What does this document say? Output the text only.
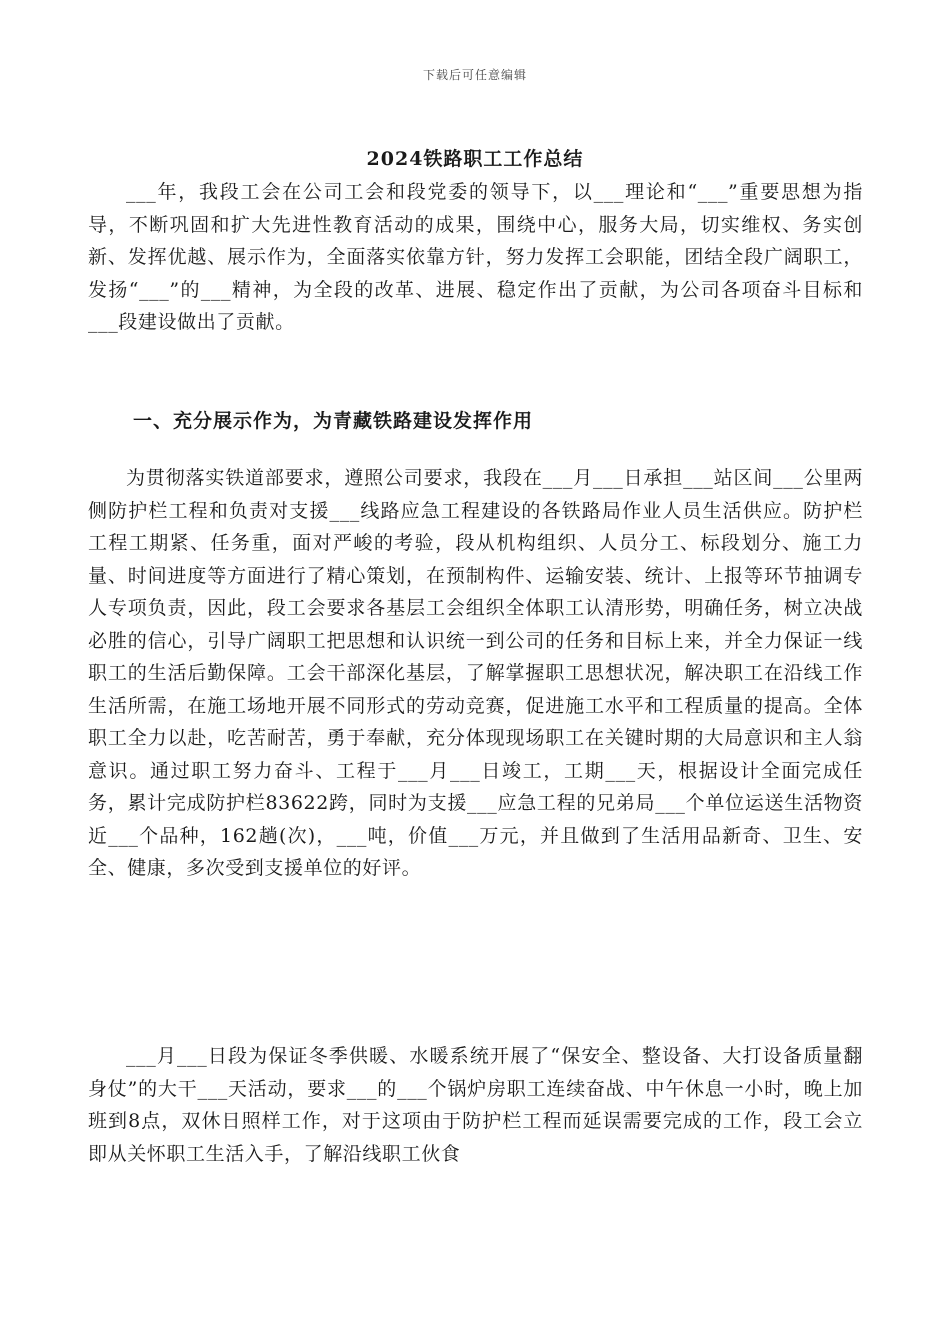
下载后可任意编辑
2024铁路职工工作总结

___年，我段工会在公司工会和段党委的领导下，以___理论和“___”重要思想为指导，不断巩固和扩大先进性教育活动的成果，围绕中心，服务大局，切实维权、务实创新、发挥优越、展示作为，全面落实依靠方针，努力发挥工会职能，团结全段广阔职工，发扬“___”的___精神，为全段的改革、进展、稳定作出了贡献，为公司各项奋斗目标和___段建设做出了贡献。

一、充分展示作为，为青藏铁路建设发挥作用

为贯彻落实铁道部要求，遵照公司要求，我段在___月___日承担___站区间___公里两侧防护栏工程和负责对支援___线路应急工程建设的各铁路局作业人员生活供应。防护栏工程工期紧、任务重，面对严峻的考验，段从机构组织、人员分工、标段划分、施工力量、时间进度等方面进行了精心策划，在预制构件、运输安装、统计、上报等环节抽调专人专项负责，因此，段工会要求各基层工会组织全体职工认清形势，明确任务，树立决战必胜的信心，引导广阔职工把思想和认识统一到公司的任务和目标上来，并全力保证一线职工的生活后勤保障。工会干部深化基层，了解掌握职工思想状况，解决职工在沿线工作生活所需，在施工场地开展不同形式的劳动竞赛，促进施工水平和工程质量的提高。全体职工全力以赴，吃苦耐苦，勇于奉献，充分体现现场职工在关键时期的大局意识和主人翁意识。通过职工努力奋斗、工程于___月___日竣工，工期___天，根据设计全面完成任务，累计完成防护栏83622跨，同时为支援___应急工程的兄弟局___个单位运送生活物资近___个品种，162趟(次)，___吨，价值___万元，并且做到了生活用品新奇、卫生、安全、健康，多次受到支援单位的好评。

___月___日段为保证冬季供暖、水暖系统开展了“保安全、整设备、大打设备质量翻身仗”的大干___天活动，要求___的___个锅炉房职工连续奋战、中午休息一小时，晚上加班到8点，双休日照样工作，对于这项由于防护栏工程而延误需要完成的工作，段工会立即从关怀职工生活入手，了解沿线职工伙食
